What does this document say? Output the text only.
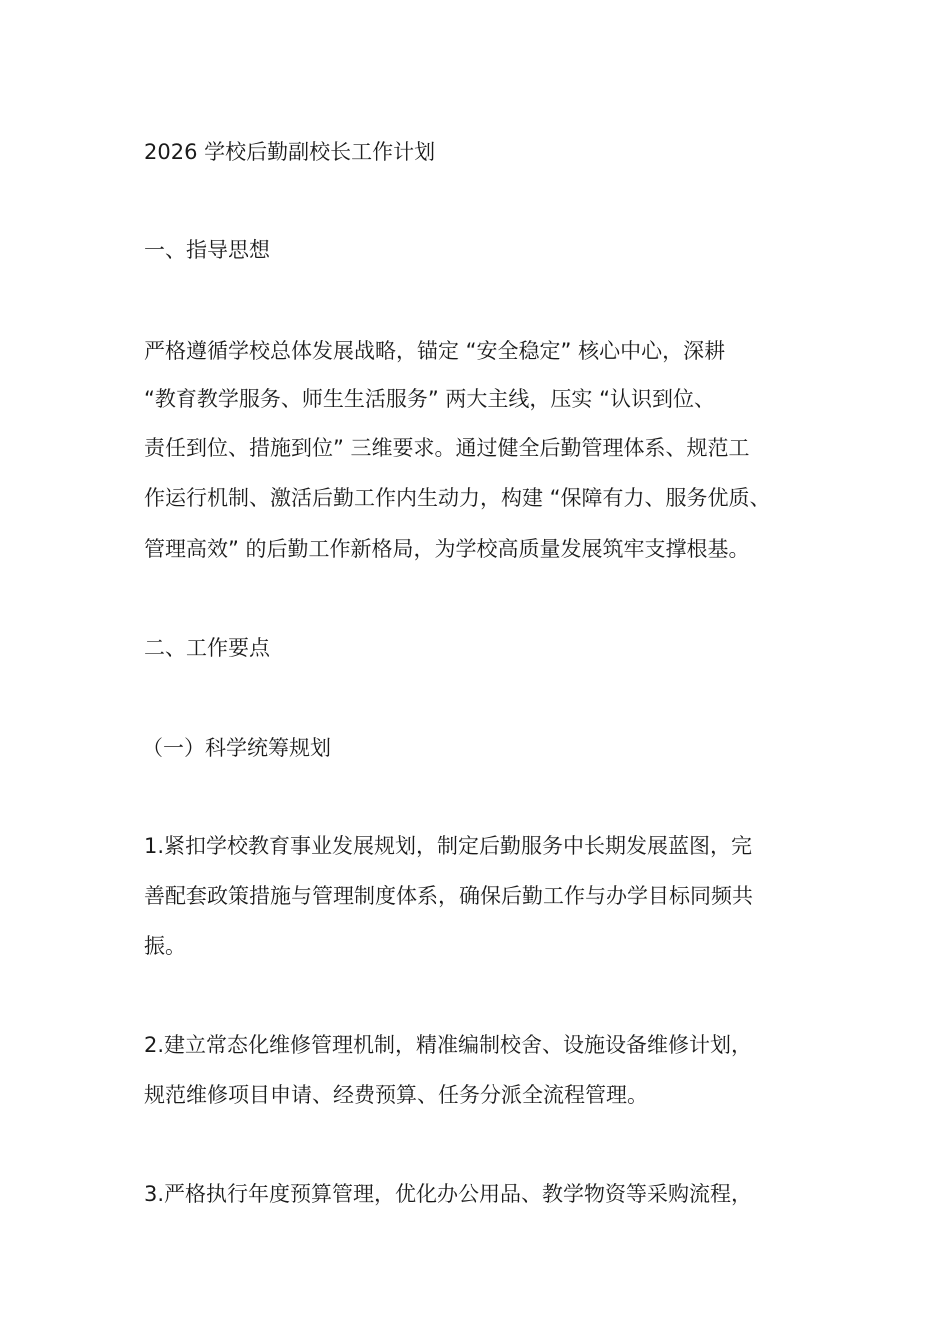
2026 学校后勤副校长工作计划
一、指导思想
严格遵循学校总体发展战略，锚定 “安全稳定” 核心中心，深耕
“教育教学服务、师生生活服务” 两大主线，压实 “认识到位、
责任到位、措施到位” 三维要求。通过健全后勤管理体系、规范工
作运行机制、激活后勤工作内生动力，构建 “保障有力、服务优质、
管理高效” 的后勤工作新格局，为学校高质量发展筑牢支撑根基。
二、工作要点
（一）科学统筹规划
1.紧扣学校教育事业发展规划，制定后勤服务中长期发展蓝图，完
善配套政策措施与管理制度体系，确保后勤工作与办学目标同频共
振。
2.建立常态化维修管理机制，精准编制校舍、设施设备维修计划，
规范维修项目申请、经费预算、任务分派全流程管理。
3.严格执行年度预算管理，优化办公用品、教学物资等采购流程，
